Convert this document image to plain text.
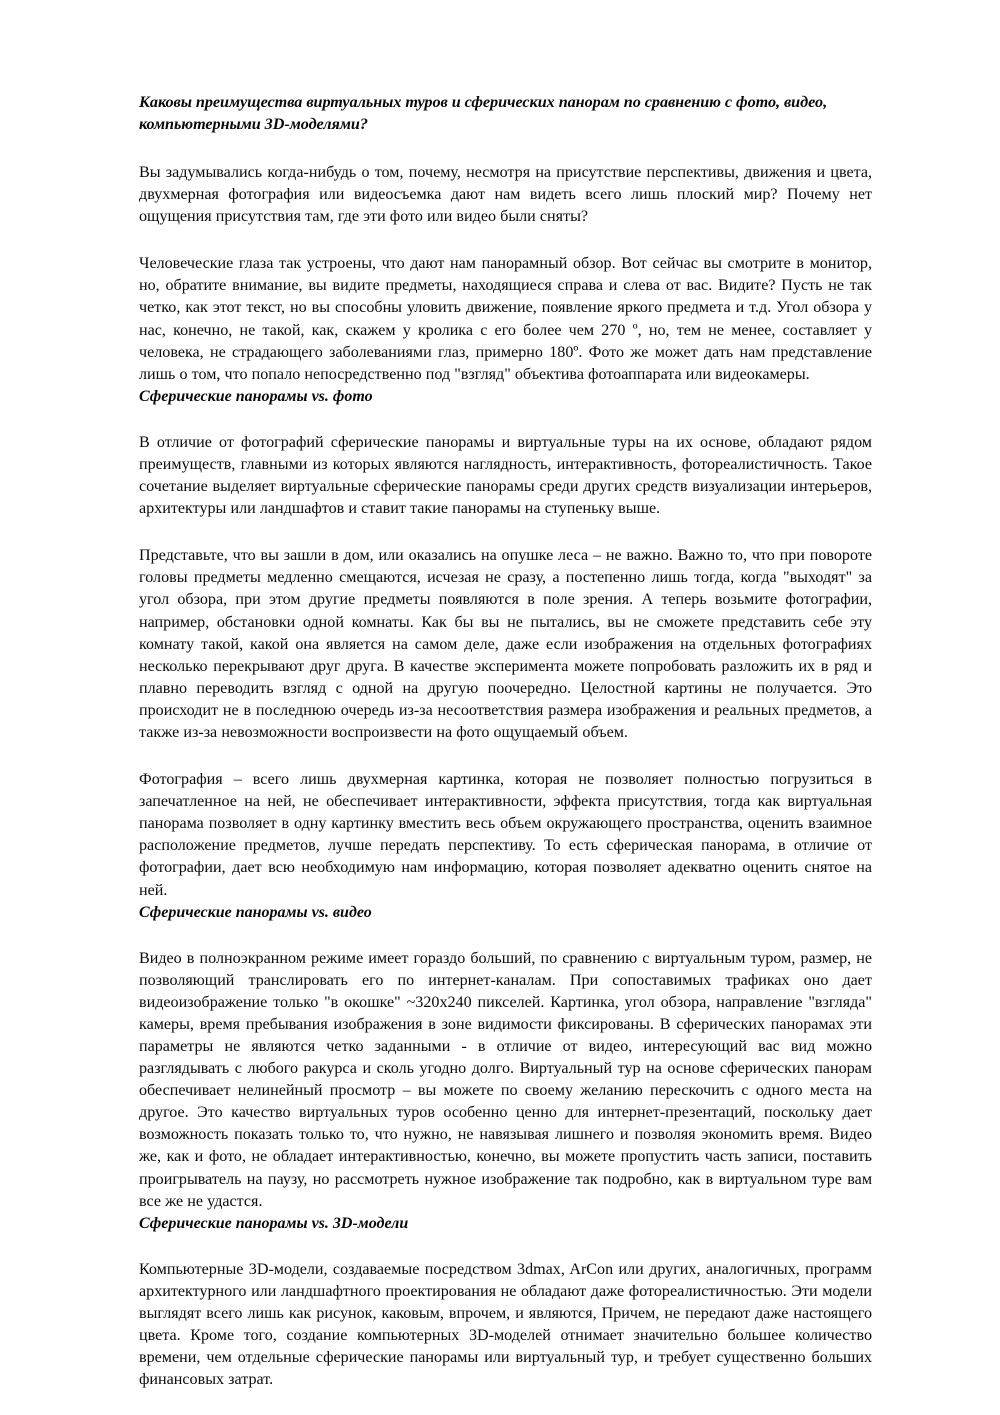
Каковы преимущества виртуальных туров и сферических панорам по сравнению с фото, видео, компьютерными 3D-моделями?

Вы задумывались когда-нибудь о том, почему, несмотря на присутствие перспективы, движения и цвета, двухмерная фотография или видеосъемка дают нам видеть всего лишь плоский мир? Почему нет ощущения присутствия там, где эти фото или видео были сняты?

Человеческие глаза так устроены, что дают нам панорамный обзор. Вот сейчас вы смотрите в монитор, но, обратите внимание, вы видите предметы, находящиеся справа и слева от вас. Видите? Пусть не так четко, как этот текст, но вы способны уловить движение, появление яркого предмета и т.д. Угол обзора у нас, конечно, не такой, как, скажем у кролика с его более чем 270 º, но, тем не менее, составляет у человека, не страдающего заболеваниями глаз, примерно 180º. Фото же может дать нам представление лишь о том, что попало непосредственно под "взгляд" объектива фотоаппарата или видеокамеры.

Сферические панорамы vs. фото

В отличие от фотографий сферические панорамы и виртуальные туры на их основе, обладают рядом преимуществ, главными из которых являются наглядность, интерактивность, фотореалистичность. Такое сочетание выделяет виртуальные сферические панорамы среди других средств визуализации интерьеров, архитектуры или ландшафтов и ставит такие панорамы на ступеньку выше.

Представьте, что вы зашли в дом, или оказались на опушке леса – не важно. Важно то, что при повороте головы предметы медленно смещаются, исчезая не сразу, а постепенно лишь тогда, когда "выходят" за угол обзора, при этом другие предметы появляются в поле зрения. А теперь возьмите фотографии, например, обстановки одной комнаты. Как бы вы не пытались, вы не сможете представить себе эту комнату такой, какой она является на самом деле, даже если изображения на отдельных фотографиях несколько перекрывают друг друга. В качестве эксперимента можете попробовать разложить их в ряд и плавно переводить взгляд с одной на другую поочередно. Целостной картины не получается. Это происходит не в последнюю очередь из-за несоответствия размера изображения и реальных предметов, а также из-за невозможности воспроизвести на фото ощущаемый объем.

Фотография – всего лишь двухмерная картинка, которая не позволяет полностью погрузиться в запечатленное на ней, не обеспечивает интерактивности, эффекта присутствия, тогда как виртуальная панорама позволяет в одну картинку вместить весь объем окружающего пространства, оценить взаимное расположение предметов, лучше передать перспективу. То есть сферическая панорама, в отличие от фотографии, дает всю необходимую нам информацию, которая позволяет адекватно оценить снятое на ней.

Сферические панорамы vs. видео

Видео в полноэкранном режиме имеет гораздо больший, по сравнению с виртуальным туром, размер, не позволяющий транслировать его по интернет-каналам. При сопоставимых трафиках оно дает видеоизображение только "в окошке" ~320х240 пикселей. Картинка, угол обзора, направление "взгляда" камеры, время пребывания изображения в зоне видимости фиксированы. В сферических панорамах эти параметры не являются четко заданными - в отличие от видео, интересующий вас вид можно разглядывать с любого ракурса и сколь угодно долго. Виртуальный тур на основе сферических панорам обеспечивает нелинейный просмотр – вы можете по своему желанию перескочить с одного места на другое. Это качество виртуальных туров особенно ценно для интернет-презентаций, поскольку дает возможность показать только то, что нужно, не навязывая лишнего и позволяя экономить время. Видео же, как и фото, не обладает интерактивностью, конечно, вы можете пропустить часть записи, поставить проигрыватель на паузу, но рассмотреть нужное изображение так подробно, как в виртуальном туре вам все же не удастся.

Сферические панорамы vs. 3D-модели

Компьютерные 3D-модели, создаваемые посредством 3dmax, ArCon или других, аналогичных, программ архитектурного или ландшафтного проектирования не обладают даже фотореалистичностью. Эти модели выглядят всего лишь как рисунок, каковым, впрочем, и являются, Причем, не передают даже настоящего цвета. Кроме того, создание компьютерных 3D-моделей отнимает значительно большее количество времени, чем отдельные сферические панорамы или виртуальный тур, и требует существенно больших финансовых затрат.
